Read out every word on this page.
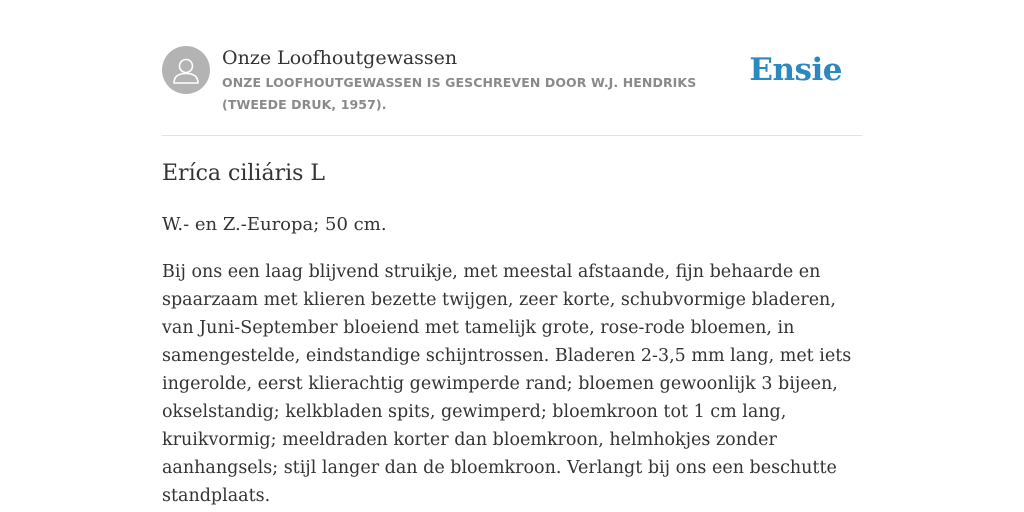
Onze Loofhoutgewassen
ONZE LOOFHOUTGEWASSEN IS GESCHREVEN DOOR W.J. HENDRIKS (TWEEDE DRUK, 1957).
Ensie
Eríca ciliáris L

W.- en Z.-Europa; 50 cm.

Bij ons een laag blijvend struikje, met meestal afstaande, fijn behaarde en spaarzaam met klieren bezette twijgen, zeer korte, schubvormige bladeren, van Juni-September bloeiend met tamelijk grote, rose-rode bloemen, in samengestelde, eindstandige schijntrossen. Bladeren 2-3,5 mm lang, met iets ingerolde, eerst klierachtig gewimperde rand; bloemen gewoonlijk 3 bijeen, okselstandig; kelkbladen spits, gewimperd; bloemkroon tot 1 cm lang, kruikvormig; meeldraden korter dan bloemkroon, helmhokjes zonder aanhangsels; stijl langer dan de bloemkroon. Verlangt bij ons een beschutte standplaats.
